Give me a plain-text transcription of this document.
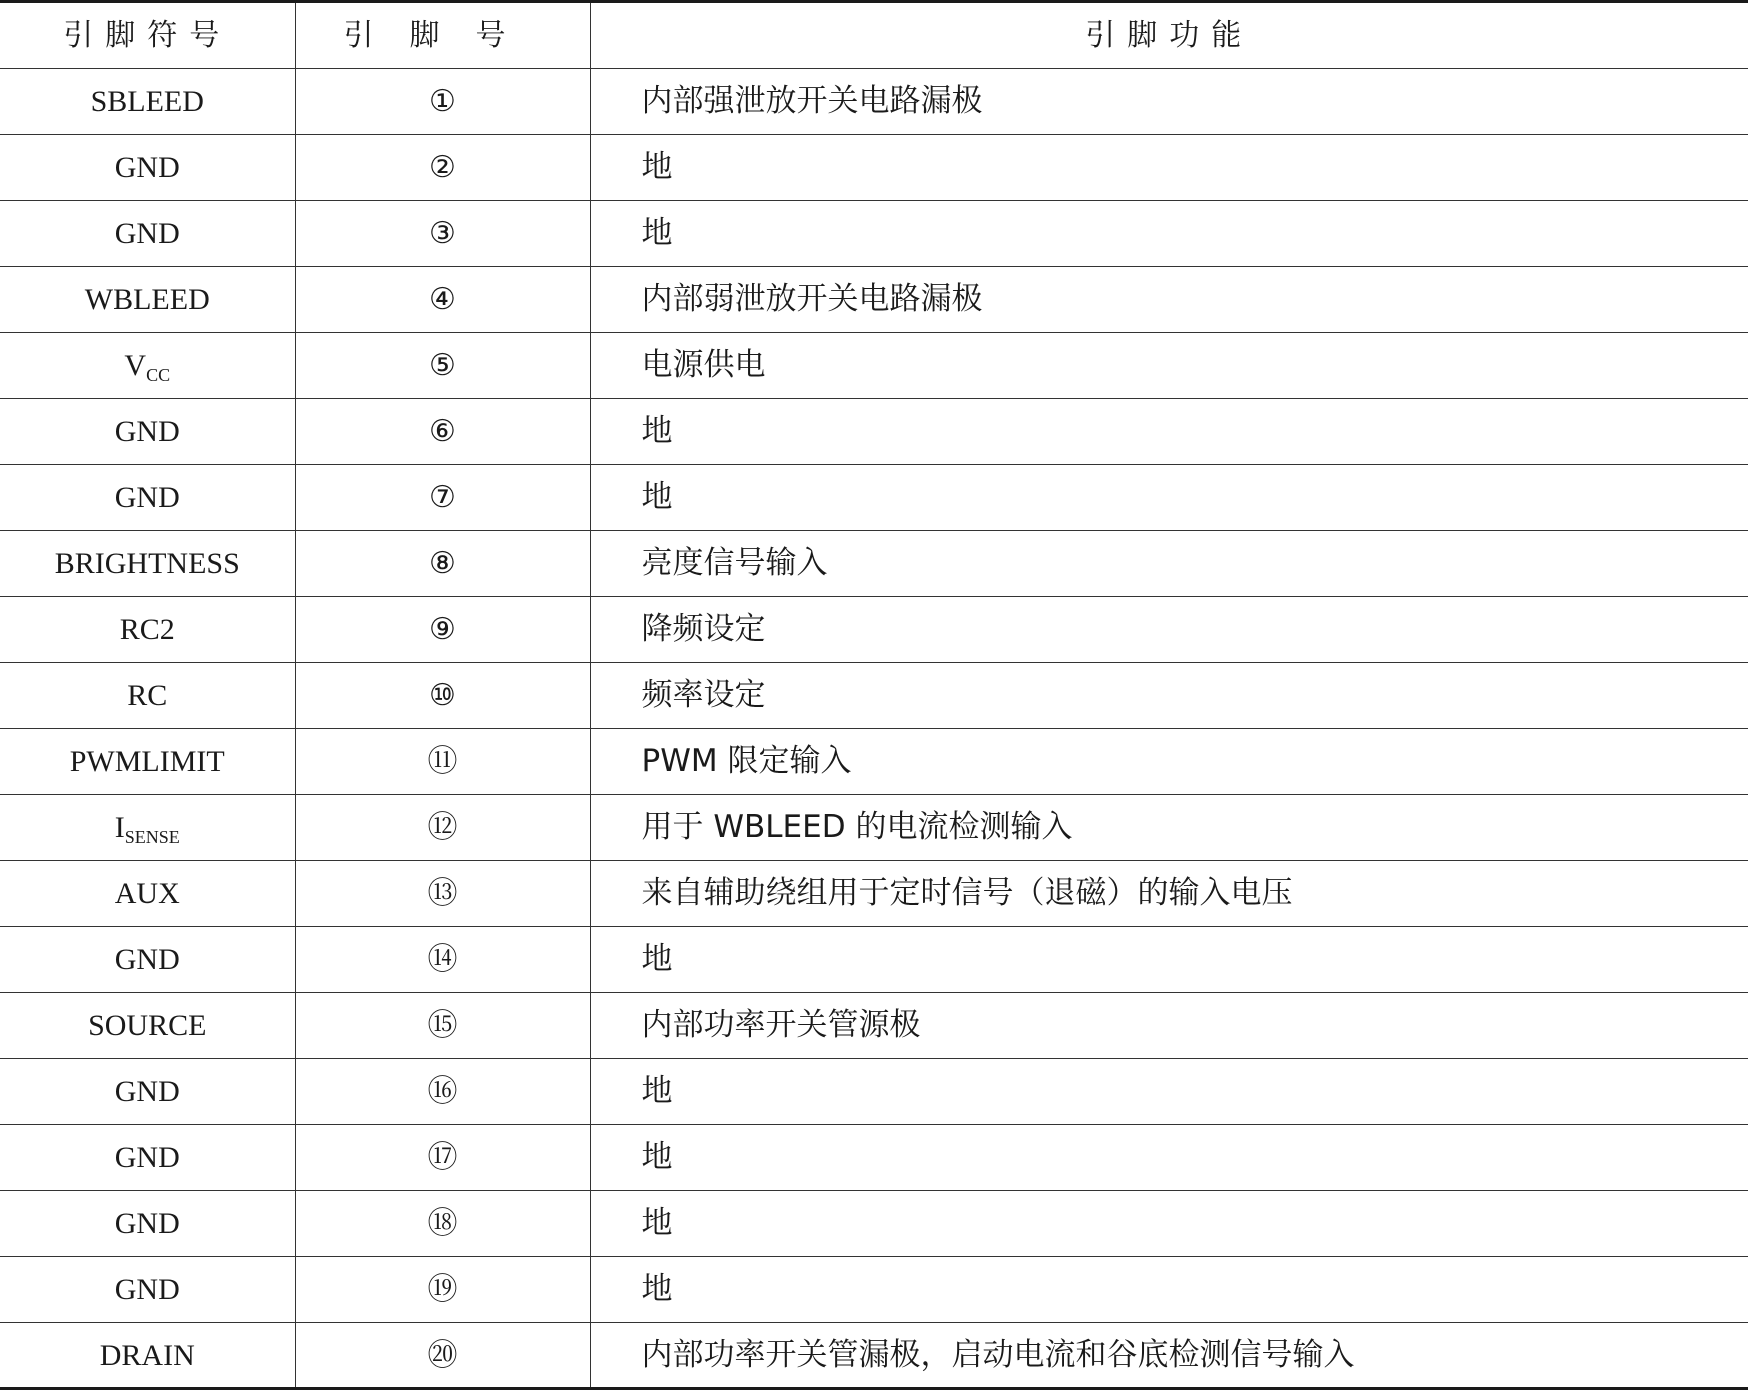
引脚符号	引脚号	引脚功能
SBLEED	①	内部强泄放开关电路漏极
GND	②	地
GND	③	地
WBLEED	④	内部弱泄放开关电路漏极
$V_{CC}$	⑤	电源供电
GND	⑥	地
GND	⑦	地
BRIGHTNESS	⑧	亮度信号输入
RC2	⑨	降频设定
RC	⑩	频率设定
PWMLIMIT	⑪	PWM 限定输入
$I_{SENSE}$	⑫	用于 WBLEED 的电流检测输入
AUX	⑬	来自辅助绕组用于定时信号（退磁）的输入电压
GND	⑭	地
SOURCE	⑮	内部功率开关管源极
GND	⑯	地
GND	⑰	地
GND	⑱	地
GND	⑲	地
DRAIN	⑳	内部功率开关管漏极，启动电流和谷底检测信号输入
